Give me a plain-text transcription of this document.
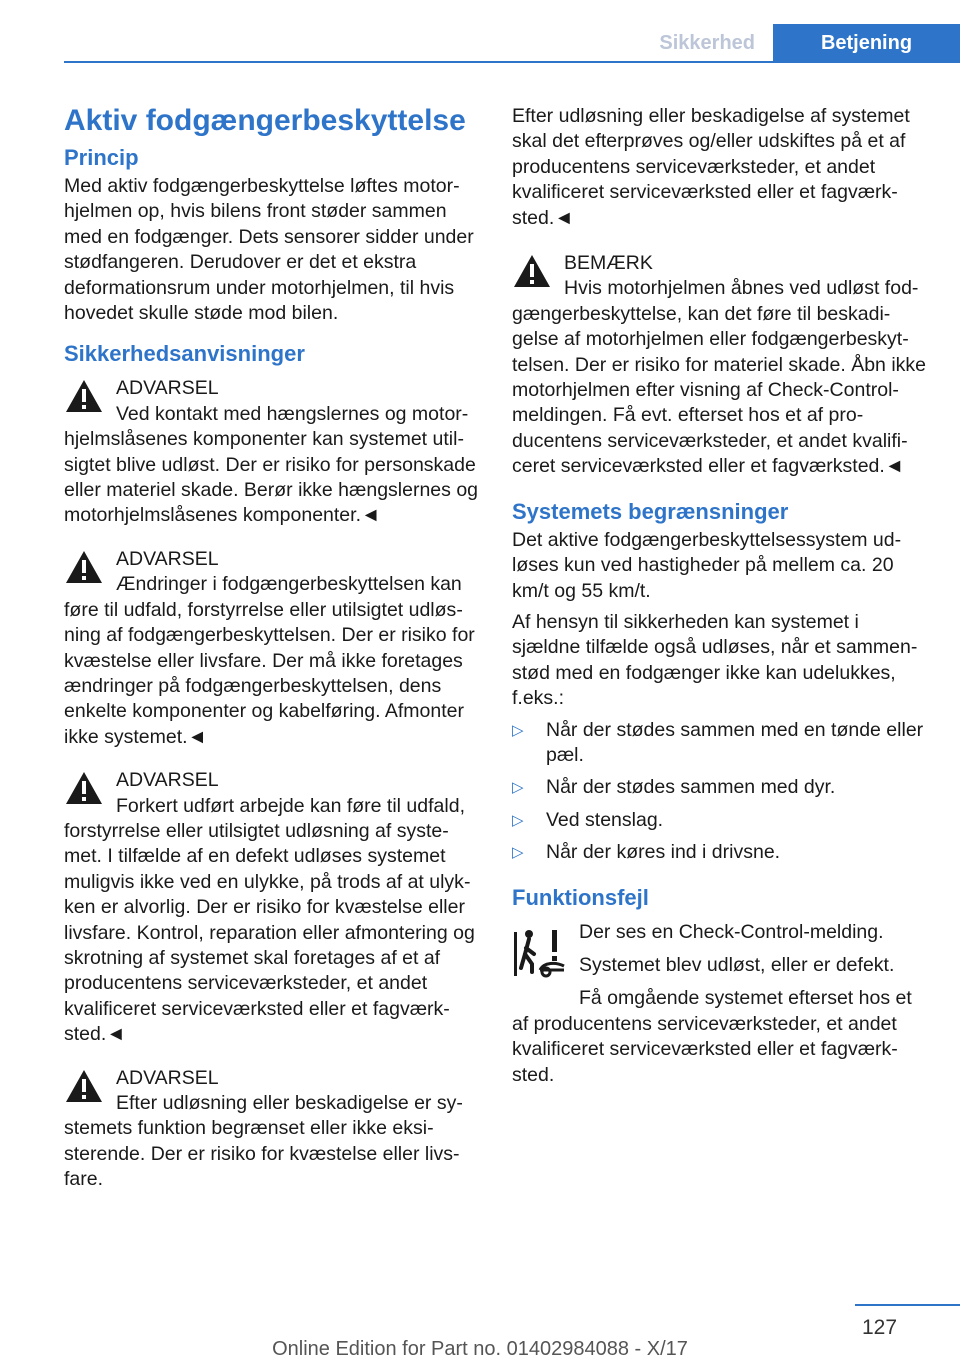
Sikkerhed	Betjening
Aktiv fodgængerbeskyttelse
Princip

Med aktiv fodgængerbeskyttelse løftes motorhjelmen op, hvis bilens front støder sammen med en fodgænger. Dets sensorer sidder under stødfangeren. Derudover er det et ekstra deformationsrum under motorhjelmen, til hvis hovedet skulle støde mod bilen.

Sikkerhedsanvisninger
ADVARSEL
Ved kontakt med hængslernes og motorhjelmslåsenes komponenter kan systemet utilsigtet blive udløst. Der er risiko for personskade eller materiel skade. Berør ikke hængslernes og motorhjelmslåsenes komponenter.◄
ADVARSEL
Ændringer i fodgængerbeskyttelsen kan føre til udfald, forstyrrelse eller utilsigtet udløsning af fodgængerbeskyttelsen. Der er risiko for kvæstelse eller livsfare. Der må ikke foretages ændringer på fodgængerbeskyttelsen, dens enkelte komponenter og kabelføring. Afmonter ikke systemet.◄
ADVARSEL
Forkert udført arbejde kan føre til udfald, forstyrrelse eller utilsigtet udløsning af systemet. I tilfælde af en defekt udløses systemet muligvis ikke ved en ulykke, på trods af at ulykken er alvorlig. Der er risiko for kvæstelse eller livsfare. Kontrol, reparation eller afmontering og skrotning af systemet skal foretages af et af producentens serviceværksteder, et andet kvalificeret serviceværksted eller et fagværksted.◄
ADVARSEL
Efter udløsning eller beskadigelse er systemets funktion begrænset eller ikke eksisterende. Der er risiko for kvæstelse eller livsfare.

Efter udløsning eller beskadigelse af systemet skal det efterprøves og/eller udskiftes på et af producentens serviceværksteder, et andet kvalificeret serviceværksted eller et fagværksted.◄

BEMÆRK
Hvis motorhjelmen åbnes ved udløst fodgængerbeskyttelse, kan det føre til beskadigelse af motorhjelmen eller fodgængerbeskyttelsen. Der er risiko for materiel skade. Åbn ikke motorhjelmen efter visning af Check-Control-meldingen. Få evt. efterset hos et af producentens serviceværksteder, et andet kvalificeret serviceværksted eller et fagværksted.◄
Systemets begrænsninger

Det aktive fodgængerbeskyttelsessystem udløses kun ved hastigheder på mellem ca. 20 km/t og 55 km/t.

Af hensyn til sikkerheden kan systemet i sjældne tilfælde også udløses, når et sammenstød med en fodgænger ikke kan udelukkes, f.eks.:

▷ Når der stødes sammen med en tønde eller pæl.
▷ Når der stødes sammen med dyr.
▷ Ved stenslag.
▷ Når der køres ind i drivsne.
Funktionsfejl
Der ses en Check-Control-melding.
Systemet blev udløst, eller er defekt.
Få omgående systemet efterset hos et af producentens serviceværksteder, et andet kvalificeret serviceværksted eller et fagværksted.
127
Online Edition for Part no. 01402984088 - X/17
